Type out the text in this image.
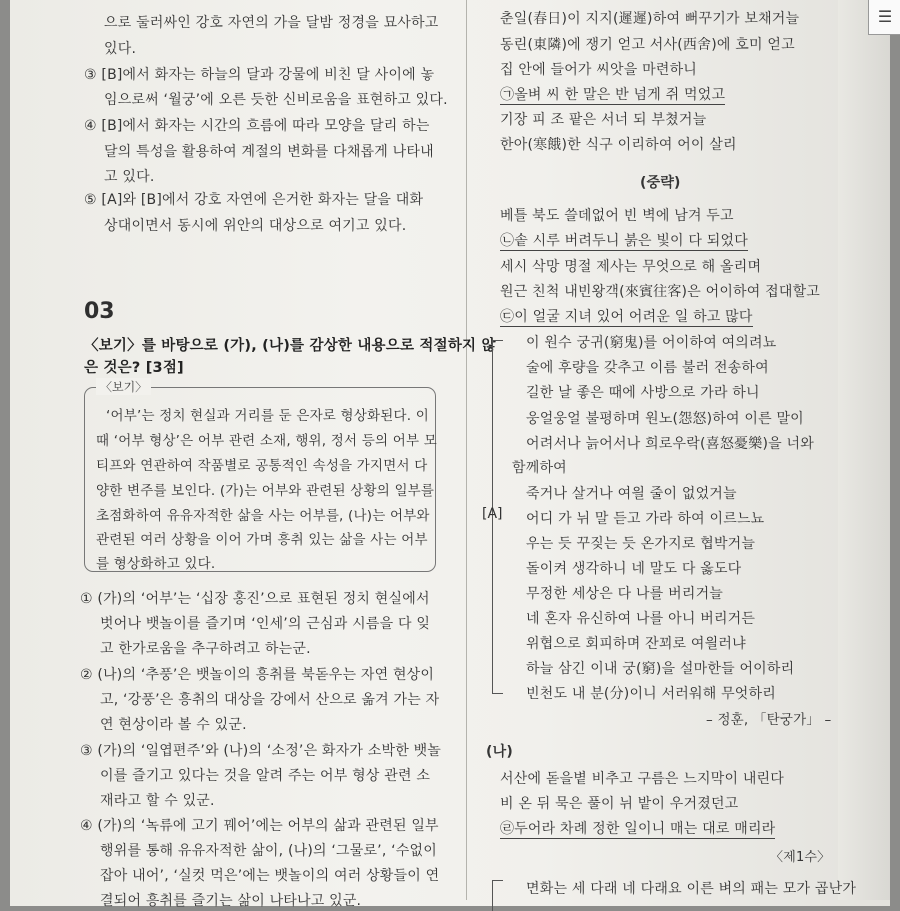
☰
으로 둘러싸인 강호 자연의 가을 달밤 정경을 묘사하고
있다.
③ [B]에서 화자는 하늘의 달과 강물에 비친 달 사이에 놓
임으로써 ‘월궁’에 오른 듯한 신비로움을 표현하고 있다.
④ [B]에서 화자는 시간의 흐름에 따라 모양을 달리 하는
달의 특성을 활용하여 계절의 변화를 다채롭게 나타내
고 있다.
⑤ [A]와 [B]에서 강호 자연에 은거한 화자는 달을 대화
상대이면서 동시에 위안의 대상으로 여기고 있다.
03
〈보기〉를 바탕으로 (가), (나)를 감상한 내용으로 적절하지 않
은 것은? [3점]
〈보기〉
‘어부’는 정치 현실과 거리를 둔 은자로 형상화된다. 이
때 ‘어부 형상’은 어부 관련 소재, 행위, 정서 등의 어부 모
티프와 연관하여 작품별로 공통적인 속성을 가지면서 다
양한 변주를 보인다. (가)는 어부와 관련된 상황의 일부를
초점화하여 유유자적한 삶을 사는 어부를, (나)는 어부와
관련된 여러 상황을 이어 가며 흥취 있는 삶을 사는 어부
를 형상화하고 있다.
① (가)의 ‘어부’는 ‘십장 홍진’으로 표현된 정치 현실에서
벗어나 뱃놀이를 즐기며 ‘인세’의 근심과 시름을 다 잊
고 한가로움을 추구하려고 하는군.
② (나)의 ‘추풍’은 뱃놀이의 흥취를 북돋우는 자연 현상이
고, ‘강풍’은 흥취의 대상을 강에서 산으로 옮겨 가는 자
연 현상이라 볼 수 있군.
③ (가)의 ‘일엽편주’와 (나)의 ‘소정’은 화자가 소박한 뱃놀
이를 즐기고 있다는 것을 알려 주는 어부 형상 관련 소
재라고 할 수 있군.
④ (가)의 ‘녹류에 고기 꿰어’에는 어부의 삶과 관련된 일부
행위를 통해 유유자적한 삶이, (나)의 ‘그물로’, ‘수없이
잡아 내어’, ‘실컷 먹은’에는 뱃놀이의 여러 상황들이 연
결되어 흥취를 즐기는 삶이 나타나고 있군.
춘일(春日)이 지지(遲遲)하여 뻐꾸기가 보채거늘
동린(東隣)에 쟁기 얻고 서사(西舍)에 호미 얻고
집 안에 들어가 씨앗을 마련하니
㉠올벼 씨 한 말은 반 넘게 쥐 먹었고
기장 피 조 팥은 서너 되 부쳤거늘
한아(寒餓)한 식구 이리하여 어이 살리
(중략)
베틀 북도 쓸데없어 빈 벽에 남겨 두고
㉡솥 시루 버려두니 붉은 빛이 다 되었다
세시 삭망 명절 제사는 무엇으로 해 올리며
원근 친척 내빈왕객(來賓往客)은 어이하여 접대할고
㉢이 얼굴 지녀 있어 어려운 일 하고 많다
[A]
이 원수 궁귀(窮鬼)를 어이하여 여의려뇨
술에 후량을 갖추고 이름 불러 전송하여
길한 날 좋은 때에 사방으로 가라 하니
웅얼웅얼 불평하며 원노(怨怒)하여 이른 말이
어려서나 늙어서나 희로우락(喜怒憂樂)을 너와
함께하여
죽거나 살거나 여읠 줄이 없었거늘
어디 가 뉘 말 듣고 가라 하여 이르느뇨
우는 듯 꾸짖는 듯 온가지로 협박거늘
돌이켜 생각하니 네 말도 다 옳도다
무정한 세상은 다 나를 버리거늘
네 혼자 유신하여 나를 아니 버리거든
위협으로 회피하며 잔꾀로 여읠러냐
하늘 삼긴 이내 궁(窮)을 설마한들 어이하리
빈천도 내 분(分)이니 서러워해 무엇하리
– 정훈, 「탄궁가」 –
(나)
서산에 돋을볕 비추고 구름은 느지막이 내린다
비 온 뒤 묵은 풀이 뉘 밭이 우거졌던고
㉣두어라 차례 정한 일이니 매는 대로 매리라
〈제1수〉
면화는 세 다래 네 다래요 이른 벼의 패는 모가 곱난가
